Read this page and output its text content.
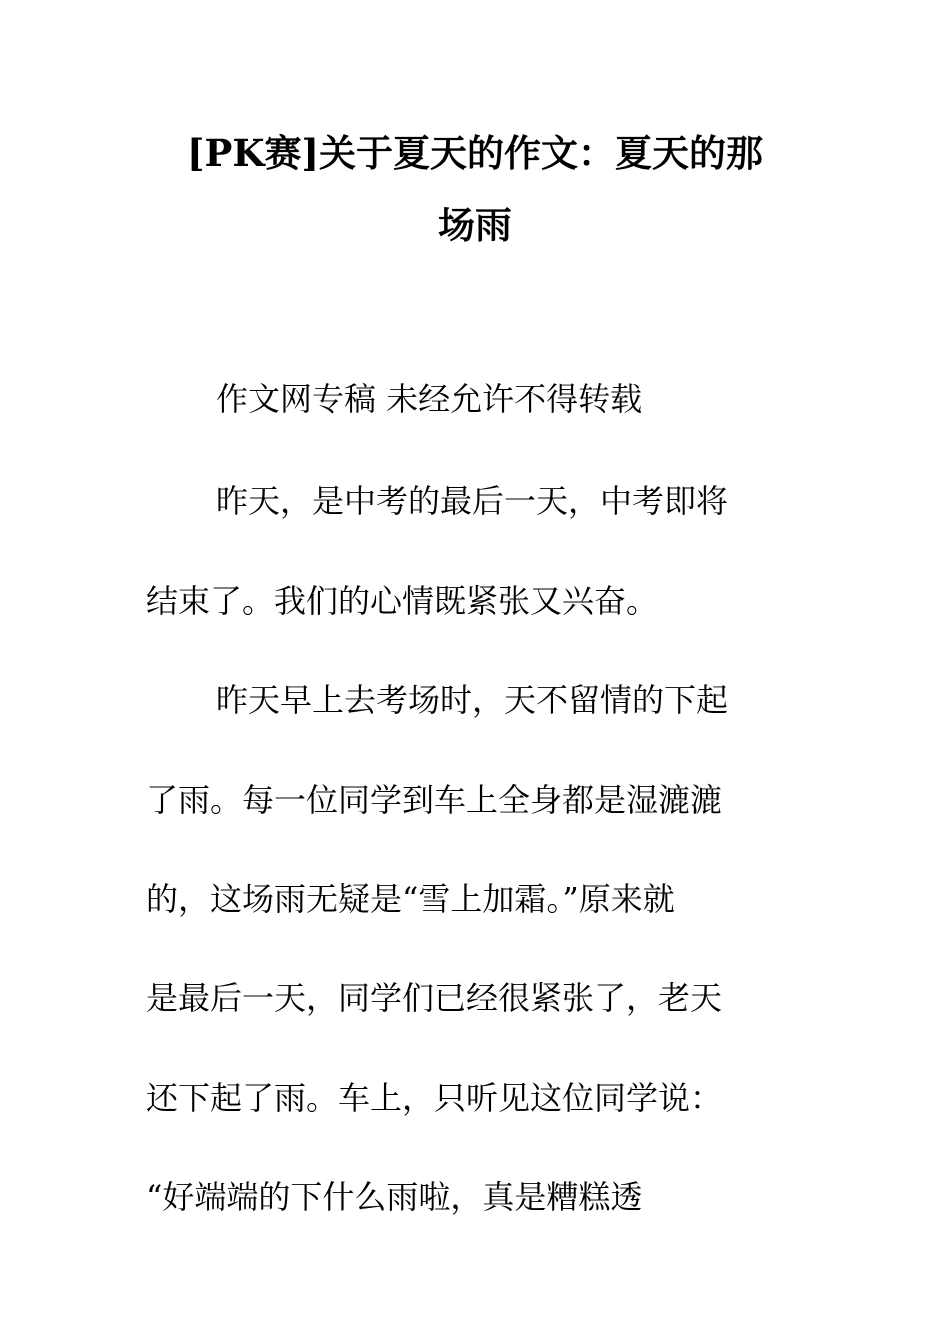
[PK赛]关于夏天的作文：夏天的那
场雨

作文网专稿 未经允许不得转载

昨天，是中考的最后一天，中考即将

结束了。我们的心情既紧张又兴奋。

昨天早上去考场时，天不留情的下起

了雨。每一位同学到车上全身都是湿漉漉

的，这场雨无疑是“雪上加霜。”原来就

是最后一天，同学们已经很紧张了，老天

还下起了雨。车上，只听见这位同学说：

“好端端的下什么雨啦，真是糟糕透
